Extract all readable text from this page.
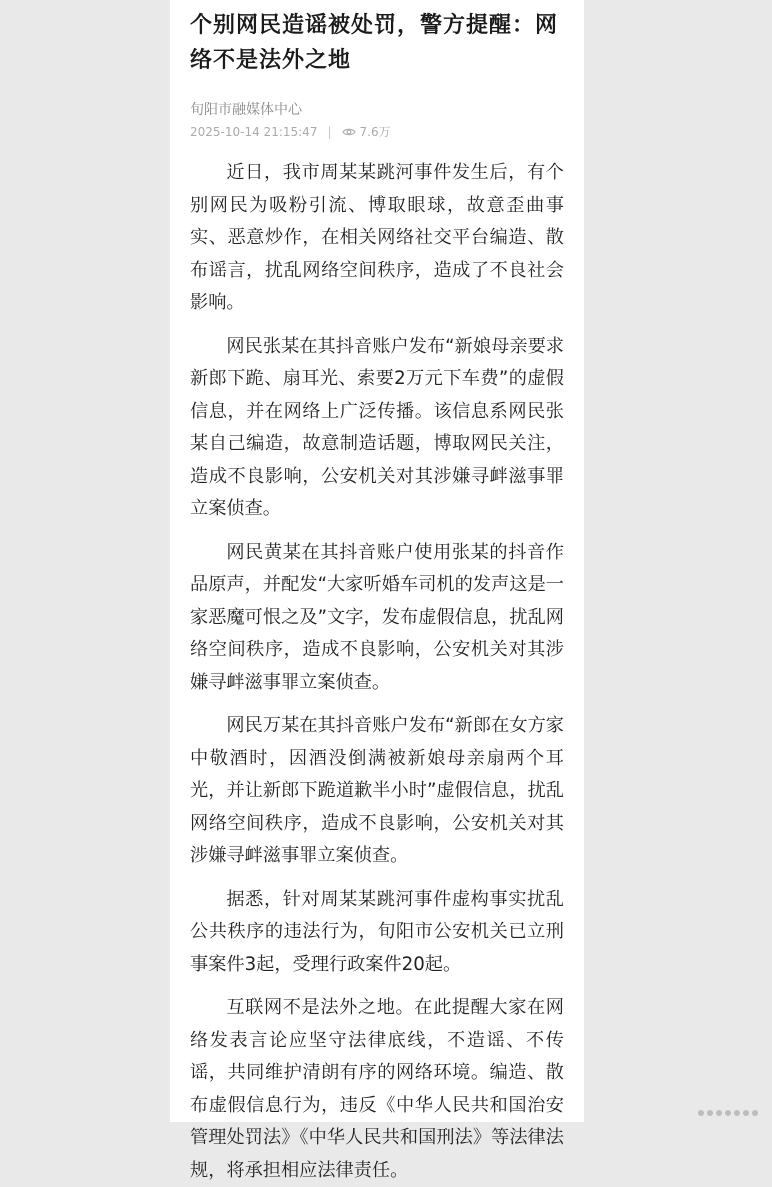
个别网民造谣被处罚，警方提醒：网络不是法外之地
旬阳市融媒体中心
2025-10-14 21:15:47 | 7.6万

近日，我市周某某跳河事件发生后，有个别网民为吸粉引流、博取眼球，故意歪曲事实、恶意炒作，在相关网络社交平台编造、散布谣言，扰乱网络空间秩序，造成了不良社会影响。

网民张某在其抖音账户发布“新娘母亲要求新郎下跪、扇耳光、索要2万元下车费”的虚假信息，并在网络上广泛传播。该信息系网民张某自己编造，故意制造话题，博取网民关注，造成不良影响，公安机关对其涉嫌寻衅滋事罪立案侦查。

网民黄某在其抖音账户使用张某的抖音作品原声，并配发“大家听婚车司机的发声这是一家恶魔可恨之及”文字，发布虚假信息，扰乱网络空间秩序，造成不良影响，公安机关对其涉嫌寻衅滋事罪立案侦查。

网民万某在其抖音账户发布“新郎在女方家中敬酒时，因酒没倒满被新娘母亲扇两个耳光，并让新郎下跪道歉半小时”虚假信息，扰乱网络空间秩序，造成不良影响，公安机关对其涉嫌寻衅滋事罪立案侦查。

据悉，针对周某某跳河事件虚构事实扰乱公共秩序的违法行为，旬阳市公安机关已立刑事案件3起，受理行政案件20起。

互联网不是法外之地。在此提醒大家在网络发表言论应坚守法律底线，不造谣、不传谣，共同维护清朗有序的网络环境。编造、散布虚假信息行为，违反《中华人民共和国治安管理处罚法》《中华人民共和国刑法》等法律法规，将承担相应法律责任。
